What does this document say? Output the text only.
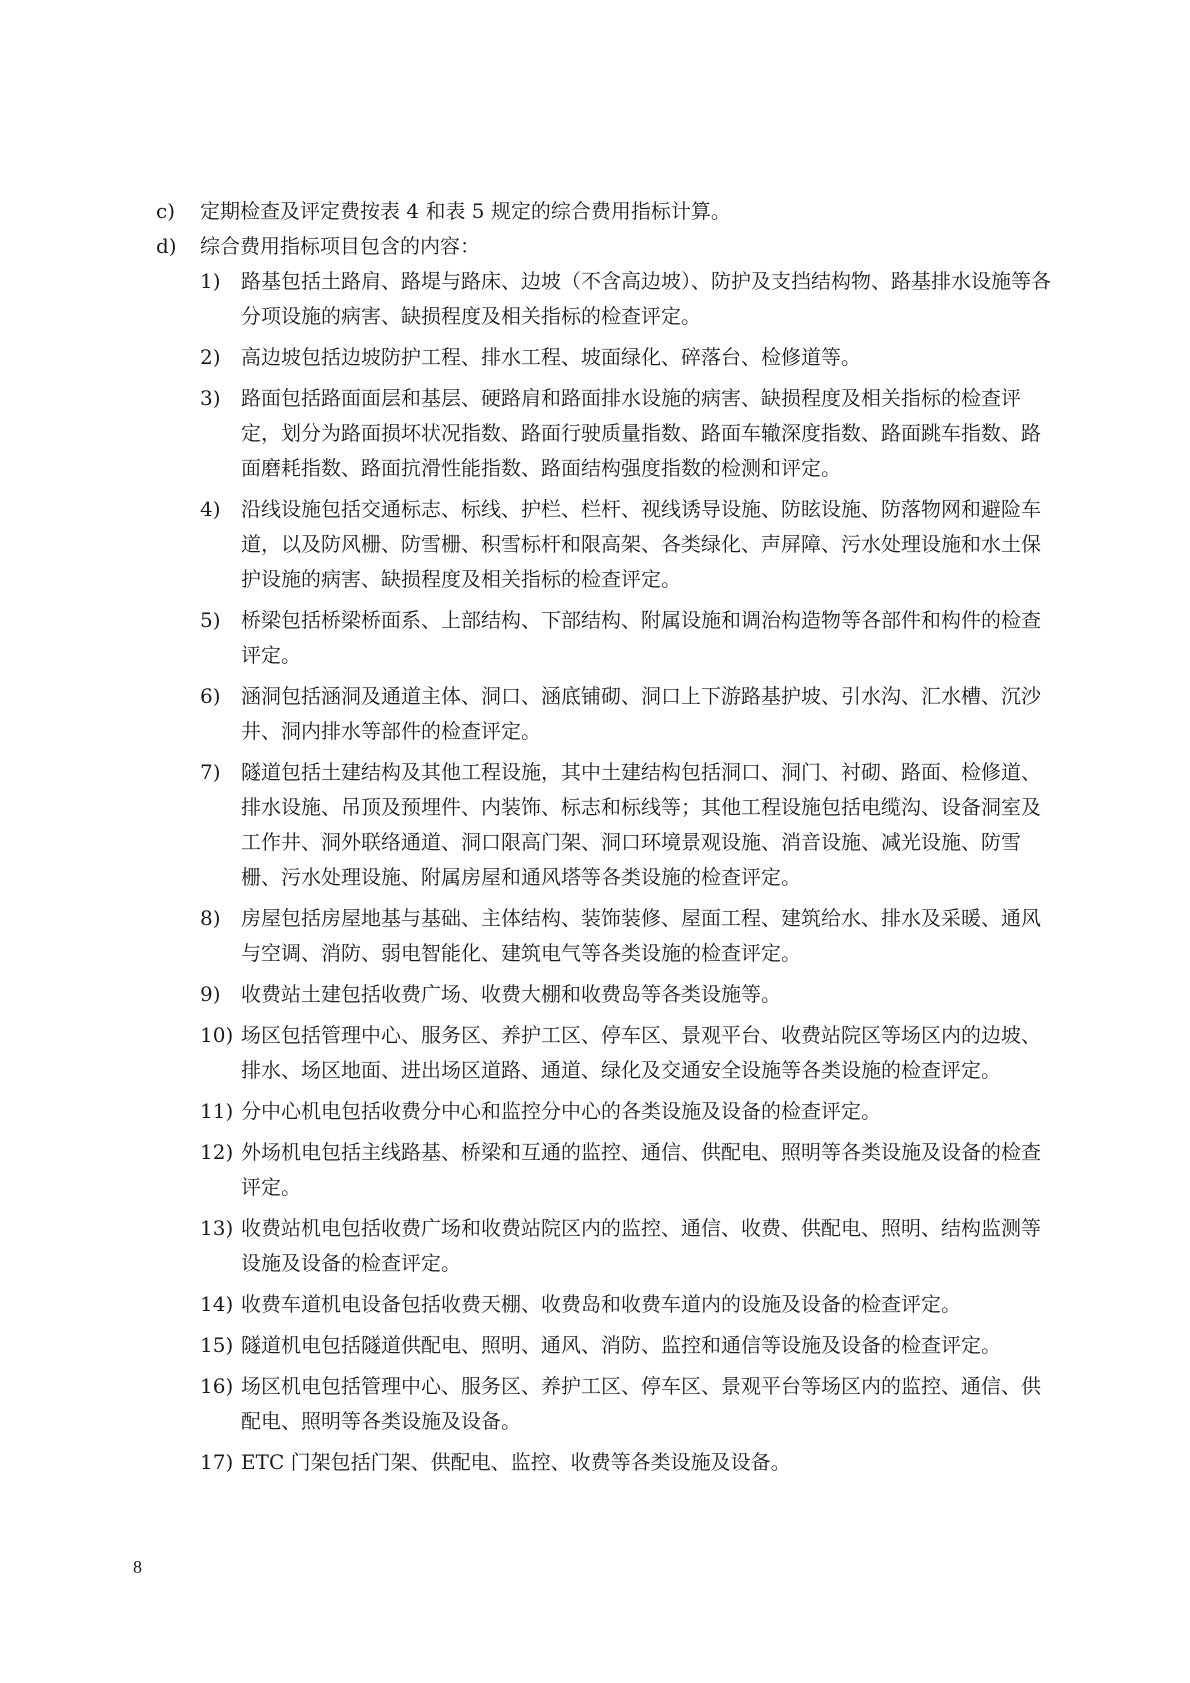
c)	定期检查及评定费按表 4 和表 5 规定的综合费用指标计算。
d)	综合费用指标项目包含的内容：
1)	路基包括土路肩、路堤与路床、边坡（不含高边坡）、防护及支挡结构物、路基排水设施等各分项设施的病害、缺损程度及相关指标的检查评定。
2)	高边坡包括边坡防护工程、排水工程、坡面绿化、碎落台、检修道等。
3)	路面包括路面面层和基层、硬路肩和路面排水设施的病害、缺损程度及相关指标的检查评定，划分为路面损坏状况指数、路面行驶质量指数、路面车辙深度指数、路面跳车指数、路面磨耗指数、路面抗滑性能指数、路面结构强度指数的检测和评定。
4)	沿线设施包括交通标志、标线、护栏、栏杆、视线诱导设施、防眩设施、防落物网和避险车道，以及防风栅、防雪栅、积雪标杆和限高架、各类绿化、声屏障、污水处理设施和水土保护设施的病害、缺损程度及相关指标的检查评定。
5)	桥梁包括桥梁桥面系、上部结构、下部结构、附属设施和调治构造物等各部件和构件的检查评定。
6)	涵洞包括涵洞及通道主体、洞口、涵底铺砌、洞口上下游路基护坡、引水沟、汇水槽、沉沙井、洞内排水等部件的检查评定。
7)	隧道包括土建结构及其他工程设施，其中土建结构包括洞口、洞门、衬砌、路面、检修道、排水设施、吊顶及预埋件、内装饰、标志和标线等；其他工程设施包括电缆沟、设备洞室及工作井、洞外联络通道、洞口限高门架、洞口环境景观设施、消音设施、减光设施、防雪栅、污水处理设施、附属房屋和通风塔等各类设施的检查评定。
8)	房屋包括房屋地基与基础、主体结构、装饰装修、屋面工程、建筑给水、排水及采暖、通风与空调、消防、弱电智能化、建筑电气等各类设施的检查评定。
9)	收费站土建包括收费广场、收费大棚和收费岛等各类设施等。
10) 场区包括管理中心、服务区、养护工区、停车区、景观平台、收费站院区等场区内的边坡、排水、场区地面、进出场区道路、通道、绿化及交通安全设施等各类设施的检查评定。
11) 分中心机电包括收费分中心和监控分中心的各类设施及设备的检查评定。
12) 外场机电包括主线路基、桥梁和互通的监控、通信、供配电、照明等各类设施及设备的检查评定。
13) 收费站机电包括收费广场和收费站院区内的监控、通信、收费、供配电、照明、结构监测等设施及设备的检查评定。
14) 收费车道机电设备包括收费天棚、收费岛和收费车道内的设施及设备的检查评定。
15) 隧道机电包括隧道供配电、照明、通风、消防、监控和通信等设施及设备的检查评定。
16) 场区机电包括管理中心、服务区、养护工区、停车区、景观平台等场区内的监控、通信、供配电、照明等各类设施及设备。
17) ETC 门架包括门架、供配电、监控、收费等各类设施及设备。
8
